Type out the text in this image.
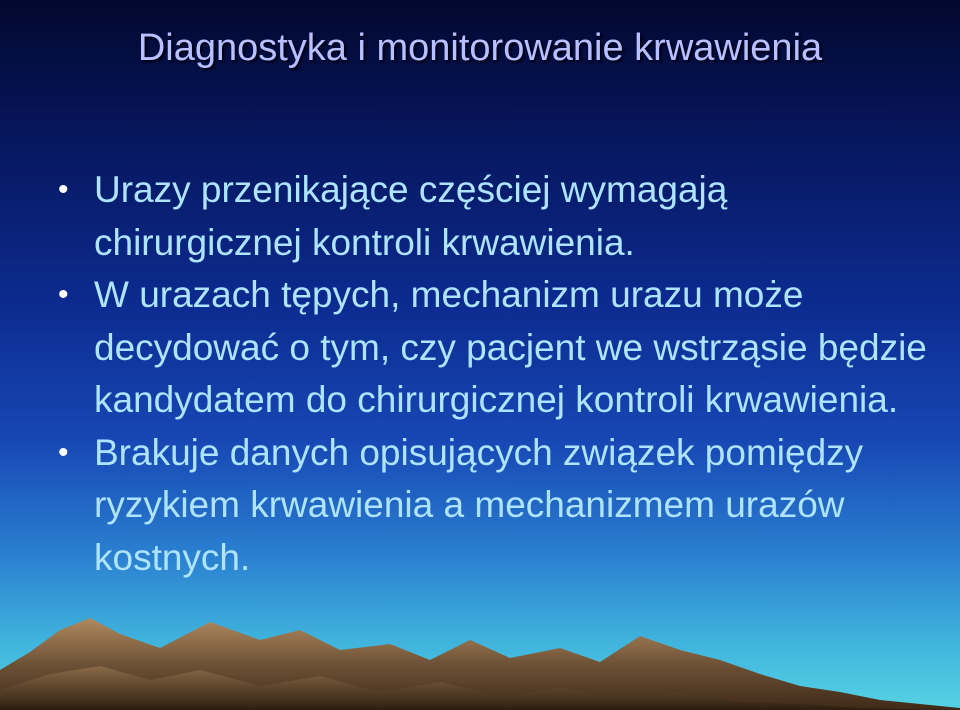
Diagnostyka i monitorowanie krwawienia
• Urazy przenikające częściej wymagają chirurgicznej kontroli krwawienia.
• W urazach tępych, mechanizm urazu może decydować o tym, czy pacjent we wstrząsie będzie kandydatem do chirurgicznej kontroli krwawienia.
• Brakuje danych opisujących związek pomiędzy ryzykiem krwawienia a mechanizmem urazów kostnych.
